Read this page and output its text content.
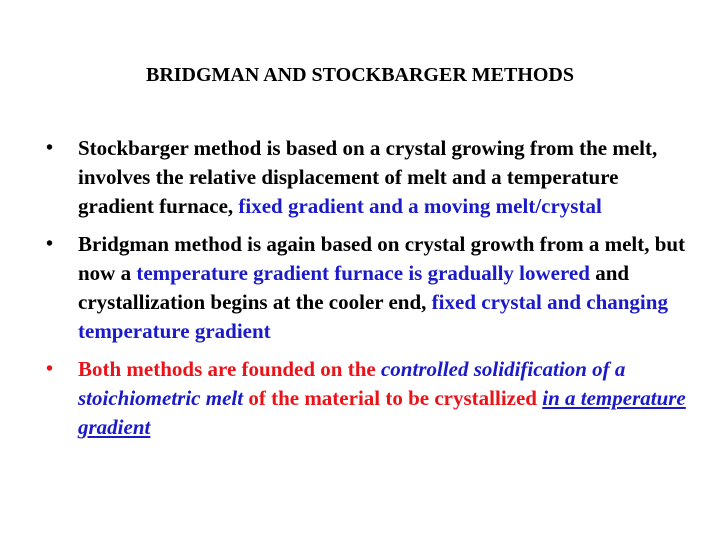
BRIDGMAN AND STOCKBARGER METHODS
• Stockbarger method is based on a crystal growing from the melt, involves the relative displacement of melt and a temperature gradient furnace, fixed gradient and a moving melt/crystal
• Bridgman method is again based on crystal growth from a melt, but now a temperature gradient furnace is gradually lowered and crystallization begins at the cooler end, fixed crystal and changing temperature gradient
• Both methods are founded on the controlled solidification of a stoichiometric melt of the material to be crystallized in a temperature gradient
